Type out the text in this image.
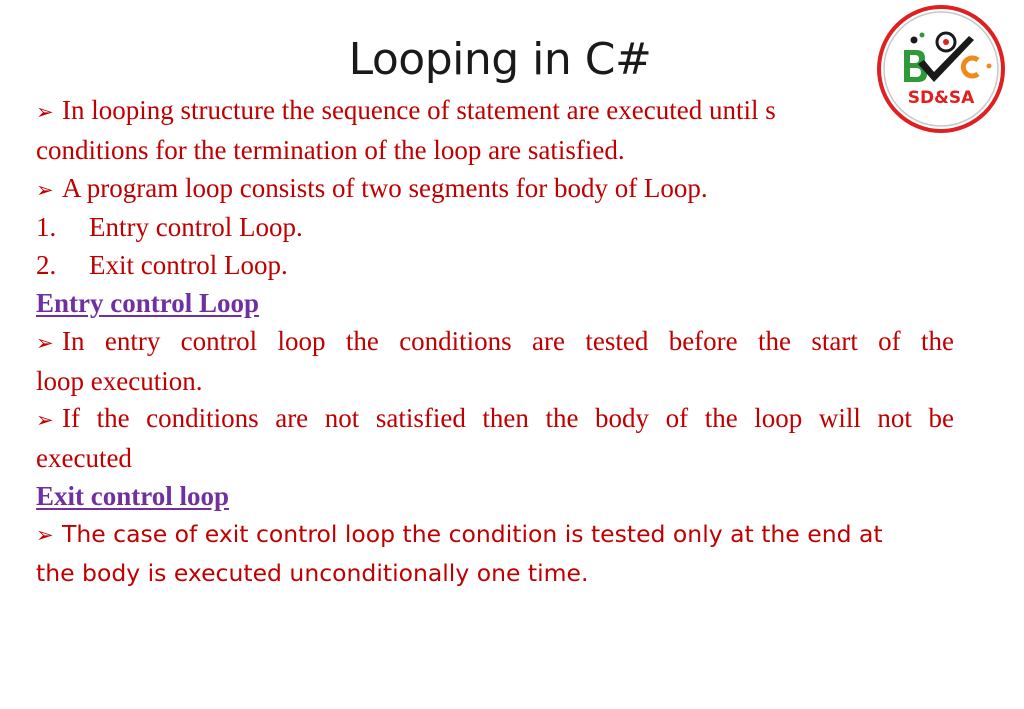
Looping in C#
SD&SA
➢ In looping structure the sequence of statement are executed until s
conditions for the termination of the loop are satisfied.
➢ A program loop consists of two segments for body of Loop.
1. Entry control Loop.
2. Exit control Loop.
Entry control Loop
➢ In entry control loop the conditions are tested before the start of the
loop execution.
➢ If the conditions are not satisfied then the body of the loop will not be
executed
Exit control loop
➢ The case of exit control loop the condition is tested only at the end at
the body is executed unconditionally one time.
